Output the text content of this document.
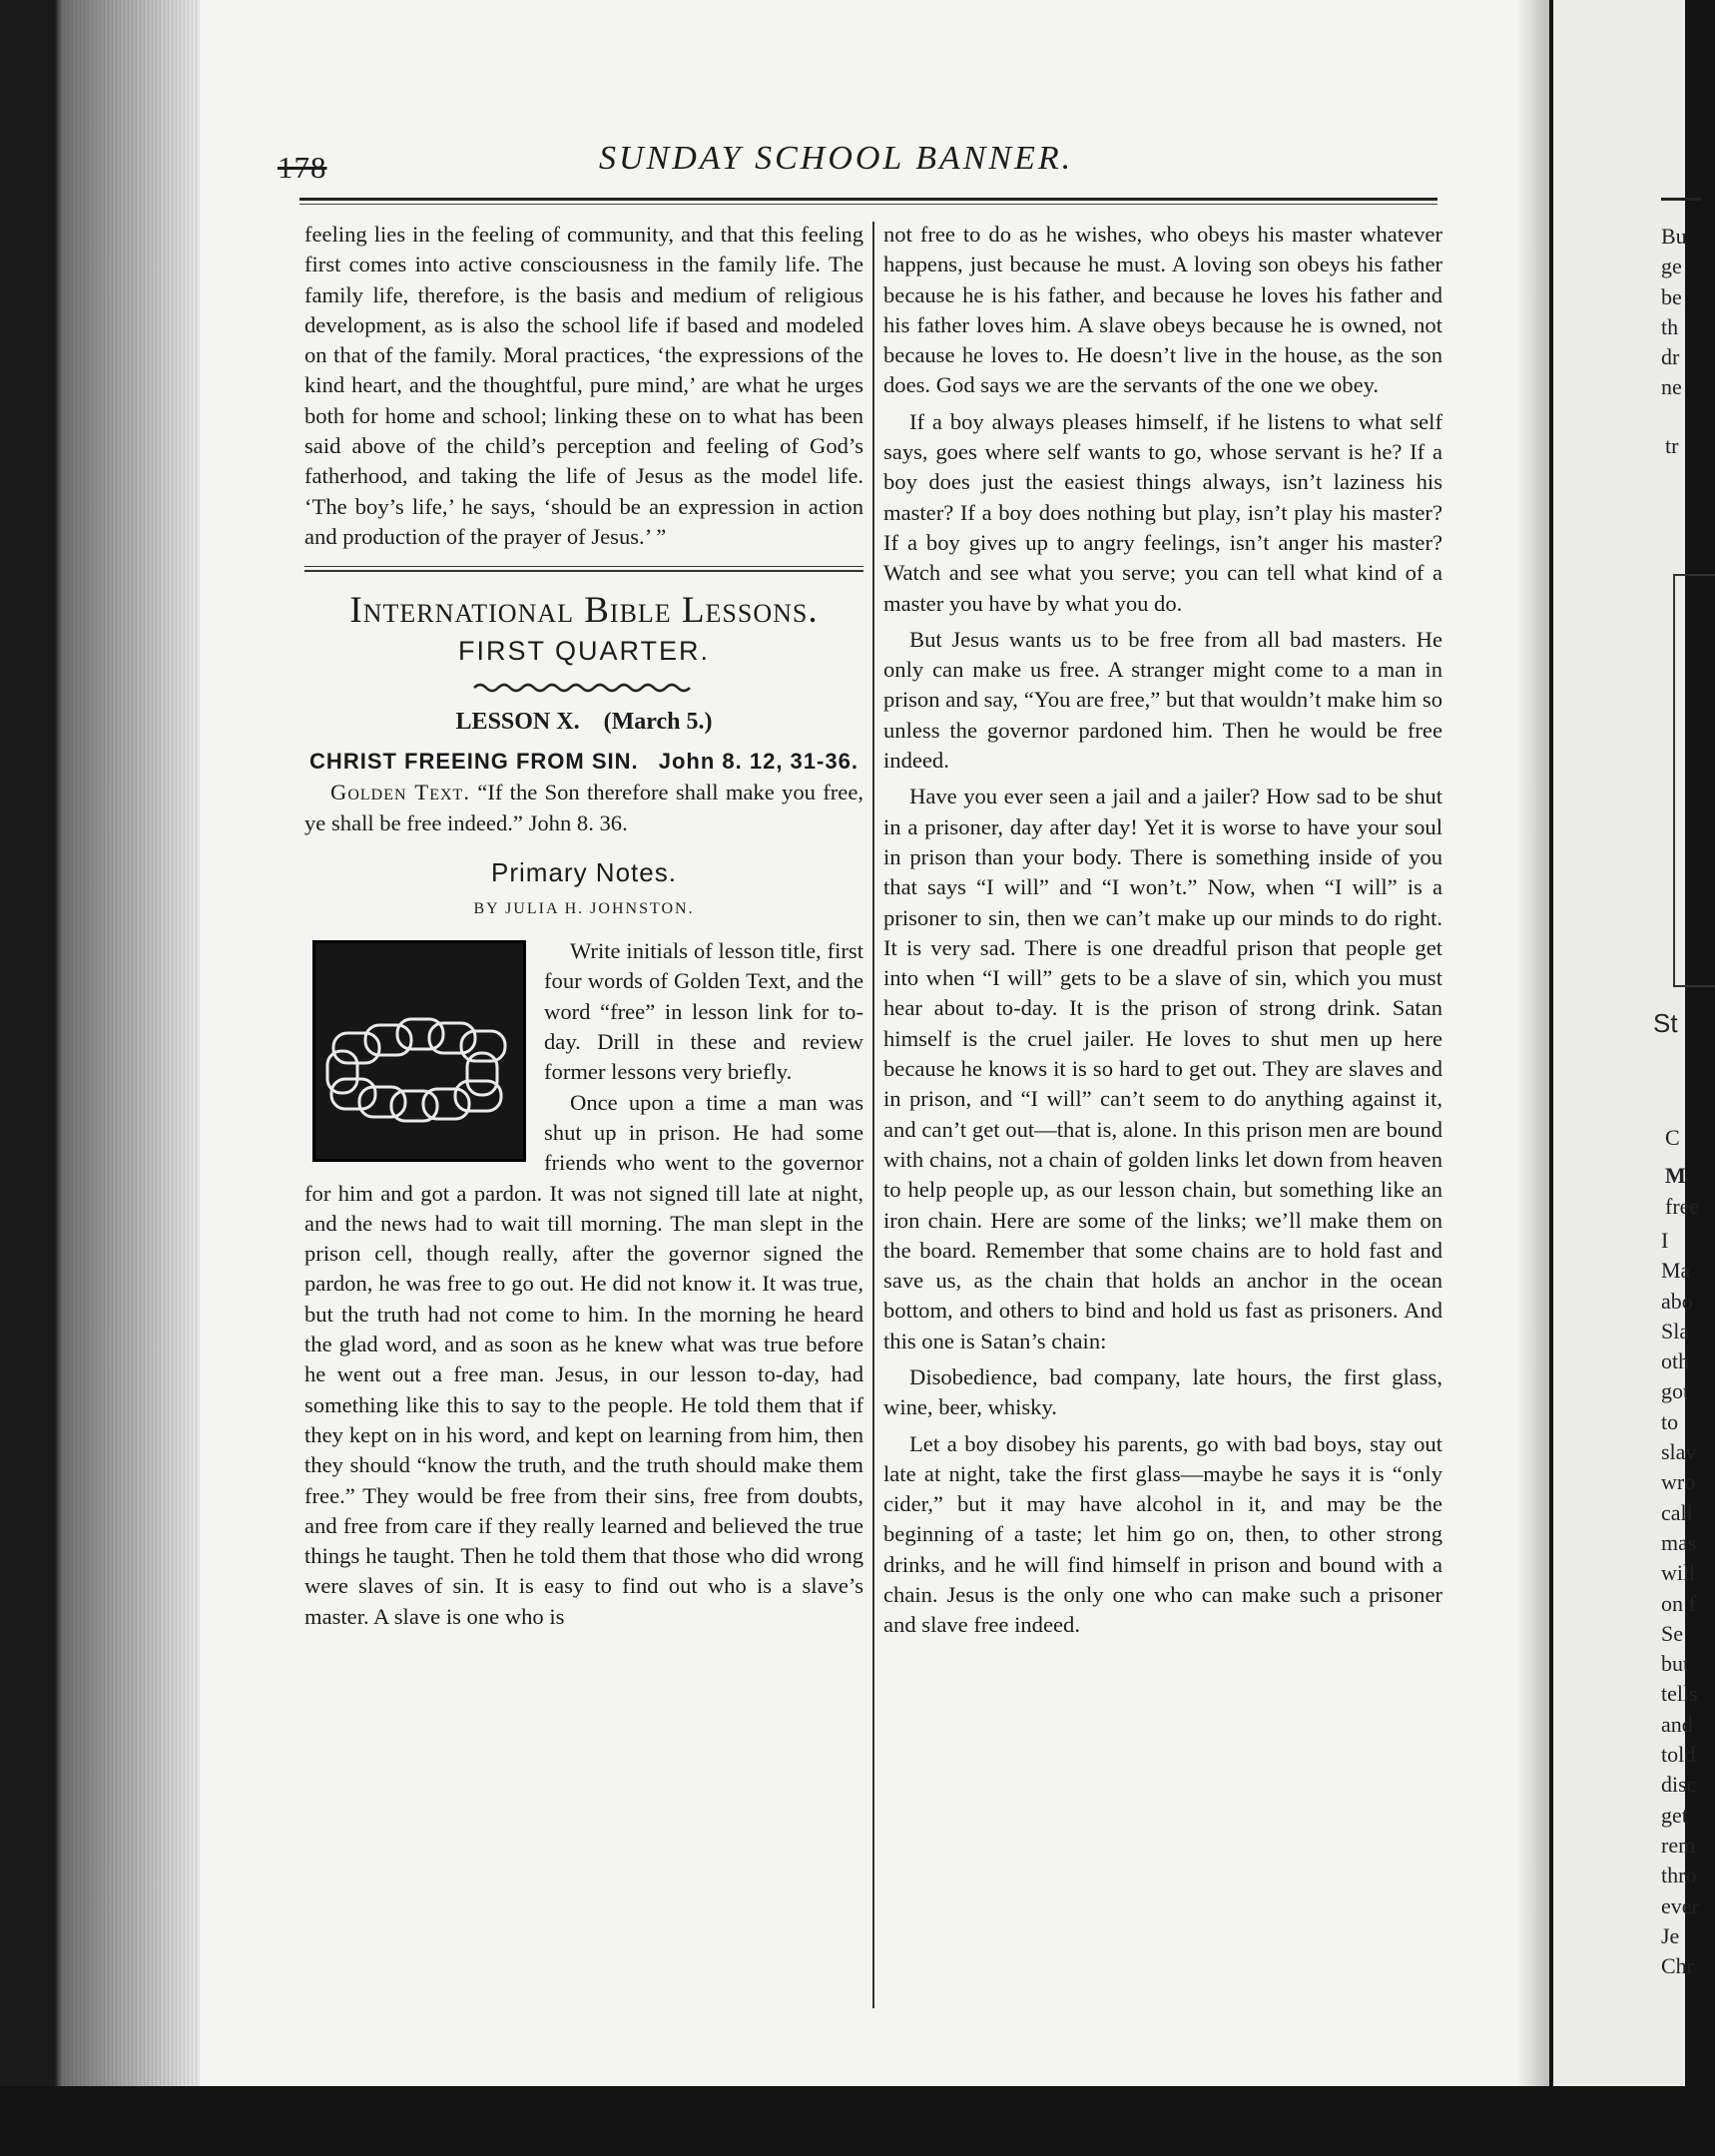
178	SUNDAY SCHOOL BANNER.

feeling lies in the feeling of community, and that this feeling first comes into active consciousness in the family life. The family life, therefore, is the basis and medium of religious development, as is also the school life if based and modeled on that of the family. Moral practices, ‘the expressions of the kind heart, and the thoughtful, pure mind,’ are what he urges both for home and school; linking these on to what has been said above of the child’s perception and feeling of God’s fatherhood, and taking the life of Jesus as the model life. ‘The boy’s life,’ he says, ‘should be an expression in action and production of the prayer of Jesus.’ ”

International Bible Lessons.
FIRST QUARTER.
LESSON X. (March 5.)
CHRIST FREEING FROM SIN. John 8. 12, 31-36.

Golden Text. “If the Son therefore shall make you free, ye shall be free indeed.” John 8. 36.

Primary Notes.
BY JULIA H. JOHNSTON.

Write initials of lesson title, first four words of Golden Text, and the word “free” in lesson link for to-day. Drill in these and review former lessons very briefly.

Once upon a time a man was shut up in prison. He had some friends who went to the governor for him and got a pardon. It was not signed till late at night, and the news had to wait till morning. The man slept in the prison cell, though really, after the governor signed the pardon, he was free to go out. He did not know it. It was true, but the truth had not come to him. In the morning he heard the glad word, and as soon as he knew what was true before he went out a free man. Jesus, in our lesson to-day, had something like this to say to the people. He told them that if they kept on in his word, and kept on learning from him, then they should “know the truth, and the truth should make them free.” They would be free from their sins, free from doubts, and free from care if they really learned and believed the true things he taught. Then he told them that those who did wrong were slaves of sin. It is easy to find out who is a slave’s master. A slave is one who is

not free to do as he wishes, who obeys his master whatever happens, just because he must. A loving son obeys his father because he is his father, and because he loves his father and his father loves him. A slave obeys because he is owned, not because he loves to. He doesn’t live in the house, as the son does. God says we are the servants of the one we obey.

If a boy always pleases himself, if he listens to what self says, goes where self wants to go, whose servant is he? If a boy does just the easiest things always, isn’t laziness his master? If a boy does nothing but play, isn’t play his master? If a boy gives up to angry feelings, isn’t anger his master? Watch and see what you serve; you can tell what kind of a master you have by what you do.

But Jesus wants us to be free from all bad masters. He only can make us free. A stranger might come to a man in prison and say, “You are free,” but that wouldn’t make him so unless the governor pardoned him. Then he would be free indeed.

Have you ever seen a jail and a jailer? How sad to be shut in a prisoner, day after day! Yet it is worse to have your soul in prison than your body. There is something inside of you that says “I will” and “I won’t.” Now, when “I will” is a prisoner to sin, then we can’t make up our minds to do right. It is very sad. There is one dreadful prison that people get into when “I will” gets to be a slave of sin, which you must hear about to-day. It is the prison of strong drink. Satan himself is the cruel jailer. He loves to shut men up here because he knows it is so hard to get out. They are slaves and in prison, and “I will” can’t seem to do anything against it, and can’t get out—that is, alone. In this prison men are bound with chains, not a chain of golden links let down from heaven to help people up, as our lesson chain, but something like an iron chain. Here are some of the links; we’ll make them on the board. Remember that some chains are to hold fast and save us, as the chain that holds an anchor in the ocean bottom, and others to bind and hold us fast as prisoners. And this one is Satan’s chain:

Disobedience, bad company, late hours, the first glass, wine, beer, whisky.

Let a boy disobey his parents, go with bad boys, stay out late at night, take the first glass—maybe he says it is “only cider,” but it may have alcohol in it, and may be the beginning of a taste; let him go on, then, to other strong drinks, and he will find himself in prison and bound with a chain. Jesus is the only one who can make such a prisoner and slave free indeed.

Bu
ge
be
th
dr
ne
tr
St
C
M
free
I
Ma
abo
Sla
oth
got
to
slav
wro
call
mas
will
on f
Se
but
tells
and
told
disc
get
rem
thro
ever
Je
Chr
